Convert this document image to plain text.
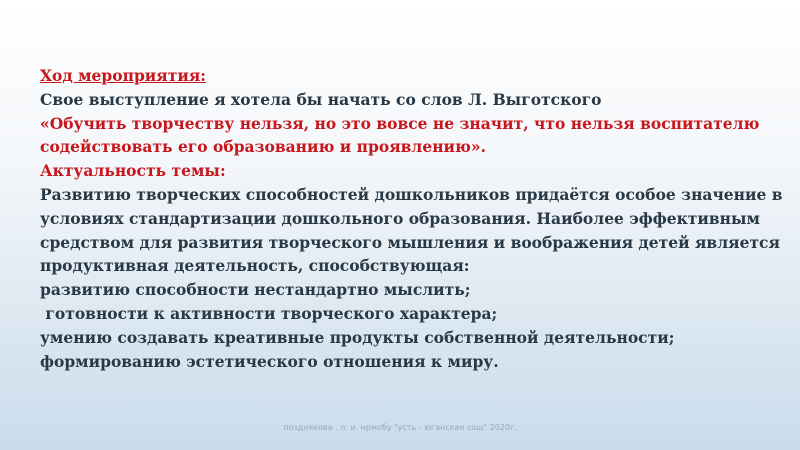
Ход мероприятия:
Свое выступление я хотела бы начать со слов Л. Выготского
«Обучить творчеству нельзя, но это вовсе не значит, что нельзя воспитателю
содействовать его образованию и проявлению».
Актуальность темы:
Развитию творческих способностей дошкольников придаётся особое значение в
условиях стандартизации дошкольного образования. Наиболее эффективным
средством для развития творческого мышления и воображения детей является
продуктивная деятельность, способствующая:
развитию способности нестандартно мыслить;
готовности к активности творческого характера;
умению создавать креативные продукты собственной деятельности;
формированию эстетического отношения к миру.
позднякова . л. и. нрмобу "усть - юганская сош" 2020г.
